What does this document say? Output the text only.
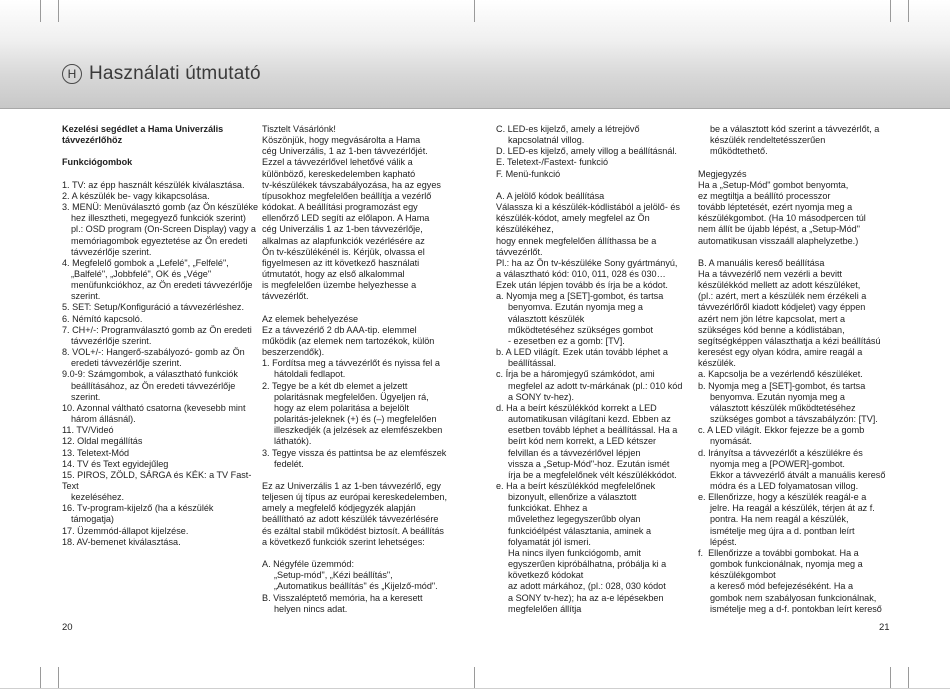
H Használati útmutató
Kezelési segédlet a Hama Univerzális
távvezérlőhöz
Funkciógombok
1. TV: az épp használt készülék kiválasztása.
2. A készülék be- vagy kikapcsolása.
3. MENÜ: Menüválasztó gomb (az Ön készüléke
hez illesztheti, megegyező funkciók szerint)
pl.: OSD program (On-Screen Display) vagy a
memóriagombok egyeztetése az Ön eredeti
távvezérlője szerint.
4. Megfelelő gombok a „Lefelé", „Felfelé",
„Balfelé", „Jobbfelé", OK és „Vége"
menüfunkciókhoz, az Ön eredeti távvezérlője
szerint.
5. SET: Setup/Konfiguráció a távvezérléshez.
6. Némító kapcsoló.
7. CH+/-: Programválasztó gomb az Ön eredeti
távvezérlője szerint.
8. VOL+/-: Hangerő-szabályozó- gomb az Ön
eredeti távvezérlője szerint.
9.0-9: Számgombok, a választható funkciók
beállításához, az Ön eredeti távvezérlője
szerint.
10. Azonnal váltható csatorna (kevesebb mint
három állásnál).
11. TV/Videó
12. Oldal megállítás
13. Teletext-Mód
14. TV és Text egyidejűleg
15. PIROS, ZÖLD, SÁRGA és KÉK: a TV Fast-Text
kezeléséhez.
16. Tv-program-kijelző (ha a készülék
támogatja)
17. Üzemmód-állapot kijelzése.
18. AV-bemenet kiválasztása.
Tisztelt Vásárlónk!
Köszönjük, hogy megvásárolta a Hama
cég Univerzális, 1 az 1-ben távvezérlőjét.
Ezzel a távvezérlővel lehetővé válik a
különböző, kereskedelemben kapható
tv-készülékek távszabályozása, ha az egyes
típusokhoz megfelelően beállítja a vezérlő
kódokat. A beállítási programozást egy
ellenőrző LED segíti az előlapon. A Hama
cég Univerzális 1 az 1-ben távvezérlője,
alkalmas az alapfunkciók vezérlésére az
Ön tv-készülékénél is. Kérjük, olvassa el
figyelmesen az itt következő használati
útmutatót, hogy az első alkalommal
is megfelelően üzembe helyezhesse a
távvezérlőt.
Az elemek behelyezése
Ez a távvezérlő 2 db AAA-tip. elemmel
működik (az elemek nem tartozékok, külön
beszerzendők).
1. Fordítsa meg a távvezérlőt és nyissa fel a
hátoldali fedlapot.
2. Tegye be a két db elemet a jelzett
polaritásnak megfelelően. Ügyeljen rá,
hogy az elem polaritása a bejelölt
polaritás-jeleknek (+) és (–) megfelelően
illeszkedjék (a jelzések az elemfészekben
láthatók).
3. Tegye vissza és pattintsa be az elemfészek
fedelét.
Ez az Univerzális 1 az 1-ben távvezérlő, egy
teljesen új típus az európai kereskedelemben,
amely a megfelelő kódjegyzék alapján
beállítható az adott készülék távvezérlésére
és ezáltal stabil működést biztosít. A beállítás
a következő funkciók szerint lehetséges:
A. Négyféle üzemmód:
„Setup-mód", „Kézi beállítás",
„Automatikus beállítás" és „Kijelző-mód".
B. Visszaléptető memória, ha a keresett
helyen nincs adat.
C. LED-es kijelző, amely a létrejövő
kapcsolatnál villog.
D. LED-es kijelző, amely villog a beállításnál.
E. Teletext-/Fastext- funkció
F. Menü-funkció
A. A jelölő kódok beállítása
Válassza ki a készülék-kódlistából a jelölő- és
készülék-kódot, amely megfelel az Ön
készülékéhez,
hogy ennek megfelelően állíthassa be a
távvezérlőt.
Pl.: ha az Ön tv-készüléke Sony gyártmányú,
a választható kód: 010, 011, 028 és 030…
Ezek után lépjen tovább és írja be a kódot.
a. Nyomja meg a [SET]-gombot, és tartsa
benyomva. Ezután nyomja meg a
választott készülék
működtetéséhez szükséges gombot
- ezesetben ez a gomb: [TV].
b. A LED világít. Ezek után tovább léphet a
beállítással.
c. Írja be a háromjegyű számkódot, ami
megfelel az adott tv-márkának (pl.: 010 kód
a SONY tv-hez).
d. Ha a beírt készülékkód korrekt a LED
automatikusan világítani kezd. Ebben az
esetben tovább léphet a beállítással. Ha a
beírt kód nem korrekt, a LED kétszer
felvillan és a távvezérlővel lépjen
vissza a „Setup-Mód"-hoz. Ezután ismét
írja be a megfelelőnek vélt készülékkódot.
e. Ha a beírt készülékkód megfelelőnek
bizonyult, ellenőrize a választott
funkciókat. Ehhez a
művelethez legegyszerűbb olyan
funkcióélpést választania, aminek a
folyamatát jól ismeri.
Ha nincs ilyen funkciógomb, amit
egyszerűen kipróbálhatna, próbálja ki a
következő kódokat
az adott márkához, (pl.: 028, 030 kódot
a SONY tv-hez); ha az a-e lépésekben
megfelelően állítja
be a választott kód szerint a távvezérlőt, a
készülék rendeltetésszerűen
működtethető.
Megjegyzés
Ha a „Setup-Mód" gombot benyomta,
ez megtiltja a beállító processzor
tovább léptetését, ezért nyomja meg a
készülékgombot. (Ha 10 másodpercen túl
nem állít be újabb lépést, a „Setup-Mód"
automatikusan visszaáll alaphelyzetbe.)
B. A manuális kereső beállítása
Ha a távvezérlő nem vezérli a bevitt
készülékkód mellett az adott készüléket,
(pl.: azért, mert a készülék nem érzékeli a
távvezérlőről kiadott kódjelet) vagy éppen
azért nem jön létre kapcsolat, mert a
szükséges kód benne a kódlistában,
segítségképpen választhatja a kézi beállítású
keresést egy olyan kódra, amire reagál a
készülék.
a. Kapcsolja be a vezérlendő készüléket.
b. Nyomja meg a [SET]-gombot, és tartsa
benyomva. Ezután nyomja meg a
választott készülék működtetéséhez
szükséges gombot a távszabályzón: [TV].
c. A LED világít. Ekkor fejezze be a gomb
nyomását.
d. Irányítsa a távvezérlőt a készülékre és
nyomja meg a [POWER]-gombot.
Ekkor a távvezérlő átvált a manuális kereső
módra és a LED folyamatosan villog.
e. Ellenőrizze, hogy a készülék reagál-e a
jelre. Ha reagál a készülék, térjen át az f.
pontra. Ha nem reagál a készülék,
ismételje meg újra a d. pontban leírt
lépést.
f.  Ellenőrizze a további gombokat. Ha a
gombok funkcionálnak, nyomja meg a
készülékgombot
a kereső mód befejezéséként. Ha a
gombok nem szabályosan funkcionálnak,
ismételje meg a d-f. pontokban leírt kereső
20	21
